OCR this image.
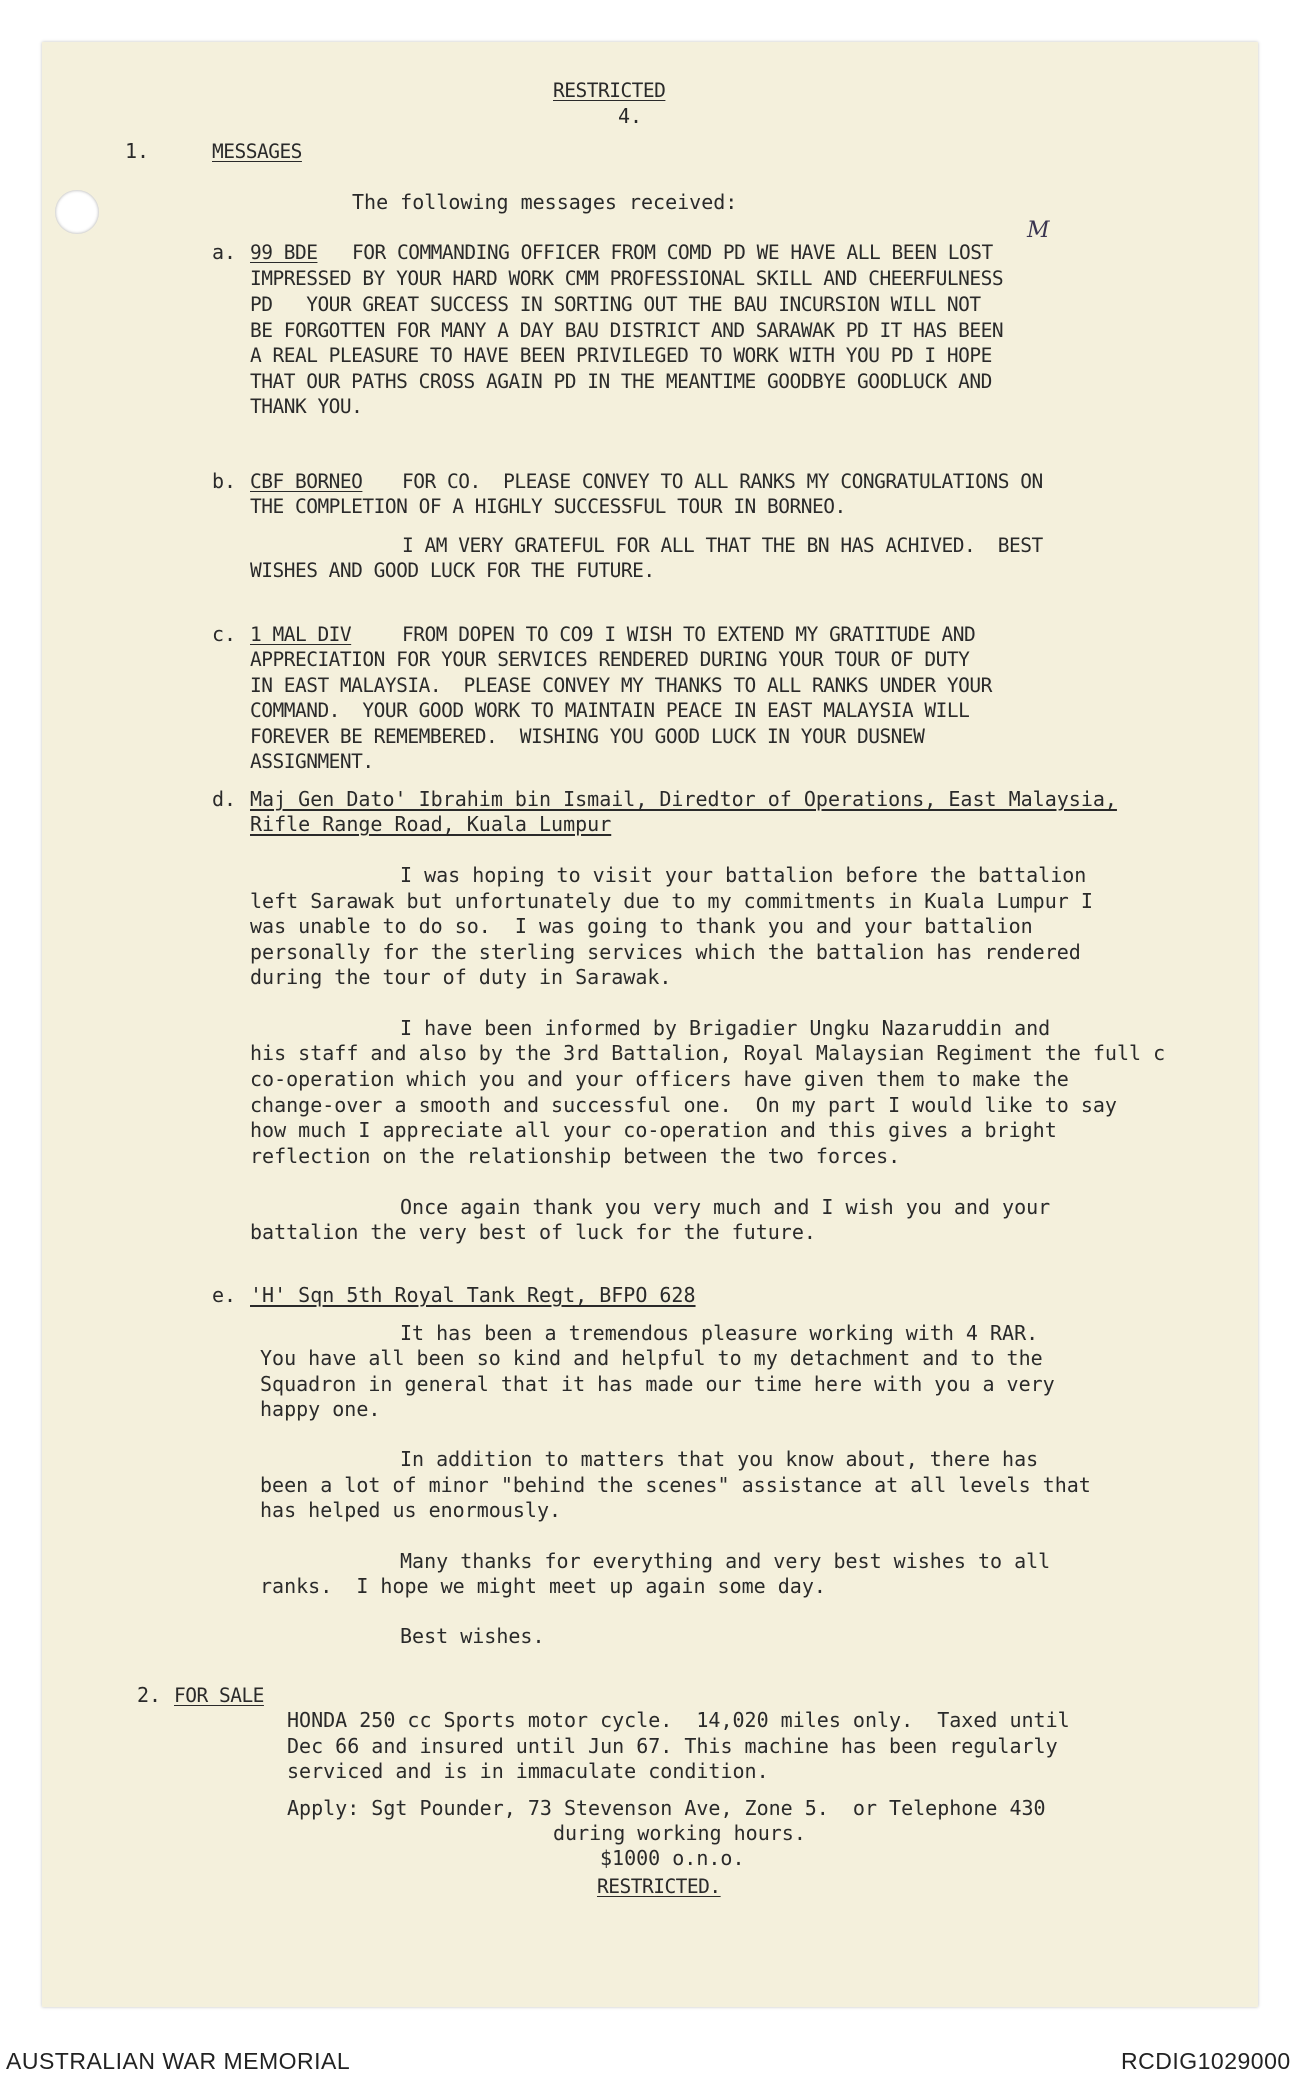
RESTRICTED
4.
1.	MESSAGES
The following messages received:
a. 99 BDE
M
FOR COMMANDING OFFICER FROM COMD PD WE HAVE ALL BEEN LOST
IMPRESSED BY YOUR HARD WORK CMM PROFESSIONAL SKILL AND CHEERFULNESS
PD   YOUR GREAT SUCCESS IN SORTING OUT THE BAU INCURSION WILL NOT
BE FORGOTTEN FOR MANY A DAY BAU DISTRICT AND SARAWAK PD IT HAS BEEN
A REAL PLEASURE TO HAVE BEEN PRIVILEGED TO WORK WITH YOU PD I HOPE
THAT OUR PATHS CROSS AGAIN PD IN THE MEANTIME GOODBYE GOODLUCK AND
THANK YOU.
b. CBF BORNEO FOR CO.  PLEASE CONVEY TO ALL RANKS MY CONGRATULATIONS ON
THE COMPLETION OF A HIGHLY SUCCESSFUL TOUR IN BORNEO.
I AM VERY GRATEFUL FOR ALL THAT THE BN HAS ACHIVED.  BEST
WISHES AND GOOD LUCK FOR THE FUTURE.
c. 1 MAL DIV	FROM DOPEN TO CO9 I WISH TO EXTEND MY GRATITUDE AND
APPRECIATION FOR YOUR SERVICES RENDERED DURING YOUR TOUR OF DUTY
IN EAST MALAYSIA.  PLEASE CONVEY MY THANKS TO ALL RANKS UNDER YOUR
COMMAND.  YOUR GOOD WORK TO MAINTAIN PEACE IN EAST MALAYSIA WILL
FOREVER BE REMEMBERED.  WISHING YOU GOOD LUCK IN YOUR DUSNEW
ASSIGNMENT.
d. Maj Gen Dato' Ibrahim bin Ismail, Diredtor of Operations, East Malaysia,
Rifle Range Road, Kuala Lumpur
I was hoping to visit your battalion before the battalion
left Sarawak but unfortunately due to my commitments in Kuala Lumpur I
was unable to do so.  I was going to thank you and your battalion
personally for the sterling services which the battalion has rendered
during the tour of duty in Sarawak.
I have been informed by Brigadier Ungku Nazaruddin and
his staff and also by the 3rd Battalion, Royal Malaysian Regiment the full c
co-operation which you and your officers have given them to make the
change-over a smooth and successful one.  On my part I would like to say
how much I appreciate all your co-operation and this gives a bright
reflection on the relationship between the two forces.
Once again thank you very much and I wish you and your
battalion the very best of luck for the future.
e. 'H' Sqn 5th Royal Tank Regt, BFPO 628
It has been a tremendous pleasure working with 4 RAR.
You have all been so kind and helpful to my detachment and to the
Squadron in general that it has made our time here with you a very
happy one.
In addition to matters that you know about, there has
been a lot of minor "behind the scenes" assistance at all levels that
has helped us enormously.
Many thanks for everything and very best wishes to all
ranks.  I hope we might meet up again some day.
Best wishes.
2. FOR SALE
HONDA 250 cc Sports motor cycle.  14,020 miles only.  Taxed until
Dec 66 and insured until Jun 67. This machine has been regularly
serviced and is in immaculate condition.
Apply: Sgt Pounder, 73 Stevenson Ave, Zone 5.  or Telephone 430
during working hours.
$1000 o.n.o.
RESTRICTED.
AUSTRALIAN WAR MEMORIAL	RCDIG1029000
